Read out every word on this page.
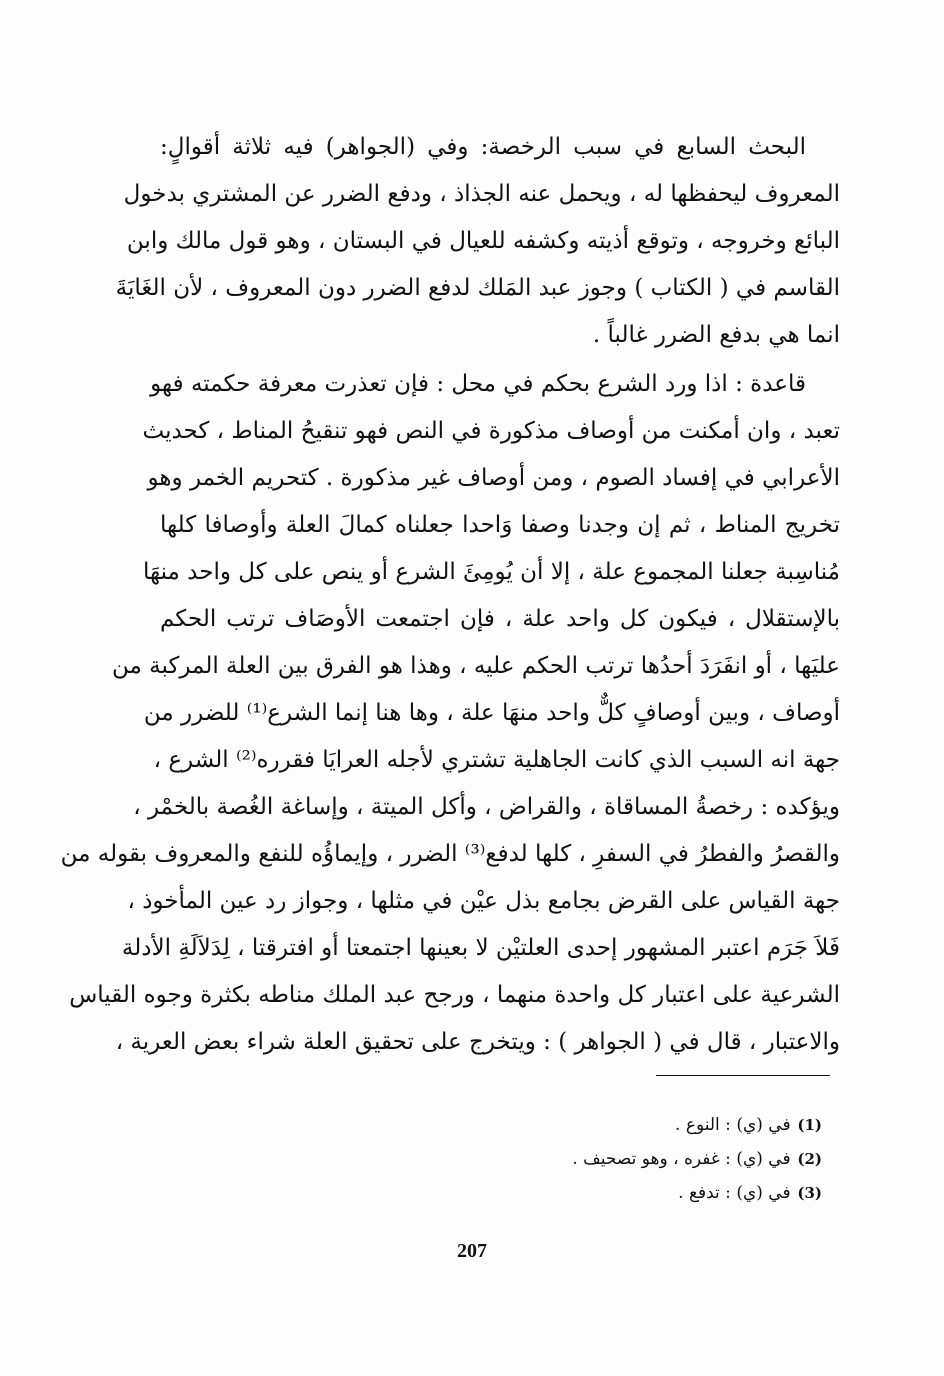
البحث السابع في سبب الرخصة: وفي (الجواهر) فيه ثلاثة أقوالٍ:
المعروف ليحفظها له ، ويحمل عنه الجذاذ ، ودفع الضرر عن المشتري بدخول
البائع وخروجه ، وتوقع أذيته وكشفه للعيال في البستان ، وهو قول مالك وابن
القاسم في ( الكتاب ) وجوز عبد المَلك لدفع الضرر دون المعروف ، لأن الغَايَةَ
انما هي بدفع الضرر غالباً .
قاعدة : اذا ورد الشرع بحكم في محل : فإن تعذرت معرفة حكمته فهو
تعبد ، وان أمكنت من أوصاف مذكورة في النص فهو تنقيحُ المناط ، كحديث
الأعرابي في إفساد الصوم ، ومن أوصاف غير مذكورة . كتحريم الخمر وهو
تخريج المناط ، ثم إن وجدنا وصفا وَاحدا جعلناه كمالَ العلة وأوصافا كلها
مُناسِبة جعلنا المجموع علة ، إلا أن يُومِئَ الشرع أو ينص على كل واحد منهَا
بالإستقلال ، فيكون كل واحد علة ، فإن اجتمعت الأوصَاف ترتب الحكم
عليَها ، أو انفَرَدَ أحدُها ترتب الحكم عليه ، وهذا هو الفرق بين العلة المركبة من
أوصاف ، وبين أوصافٍ كلٌّ واحد منهَا علة ، وها هنا إنما الشرع⁽¹⁾ للضرر من
جهة انه السبب الذي كانت الجاهلية تشتري لأجله العرايَا فقرره⁽²⁾ الشرع ،
ويؤكده : رخصةُ المساقاة ، والقراض ، وأكل الميتة ، وإساغة الغُصة بالخمْر ،
والقصرُ والفطرُ في السفرِ ، كلها لدفع⁽³⁾ الضرر ، وإيماؤُه للنفع والمعروف بقوله من
جهة القياس على القرض بجامع بذل عيْن في مثلها ، وجواز رد عين المأخوذ ،
فَلاَ جَرَم اعتبر المشهور إحدى العلتيْن لا بعينها اجتمعتا أو افترقتا ، لِدَلاَلَةِ الأدلة
الشرعية على اعتبار كل واحدة منهما ، ورجح عبد الملك مناطه بكثرة وجوه القياس
والاعتبار ، قال في ( الجواهر ) : ويتخرج على تحقيق العلة شراء بعض العرية ،
(1) في (ي) : النوع .
(2) في (ي) : غفره ، وهو تصحيف .
(3) في (ي) : تدفع .
207
